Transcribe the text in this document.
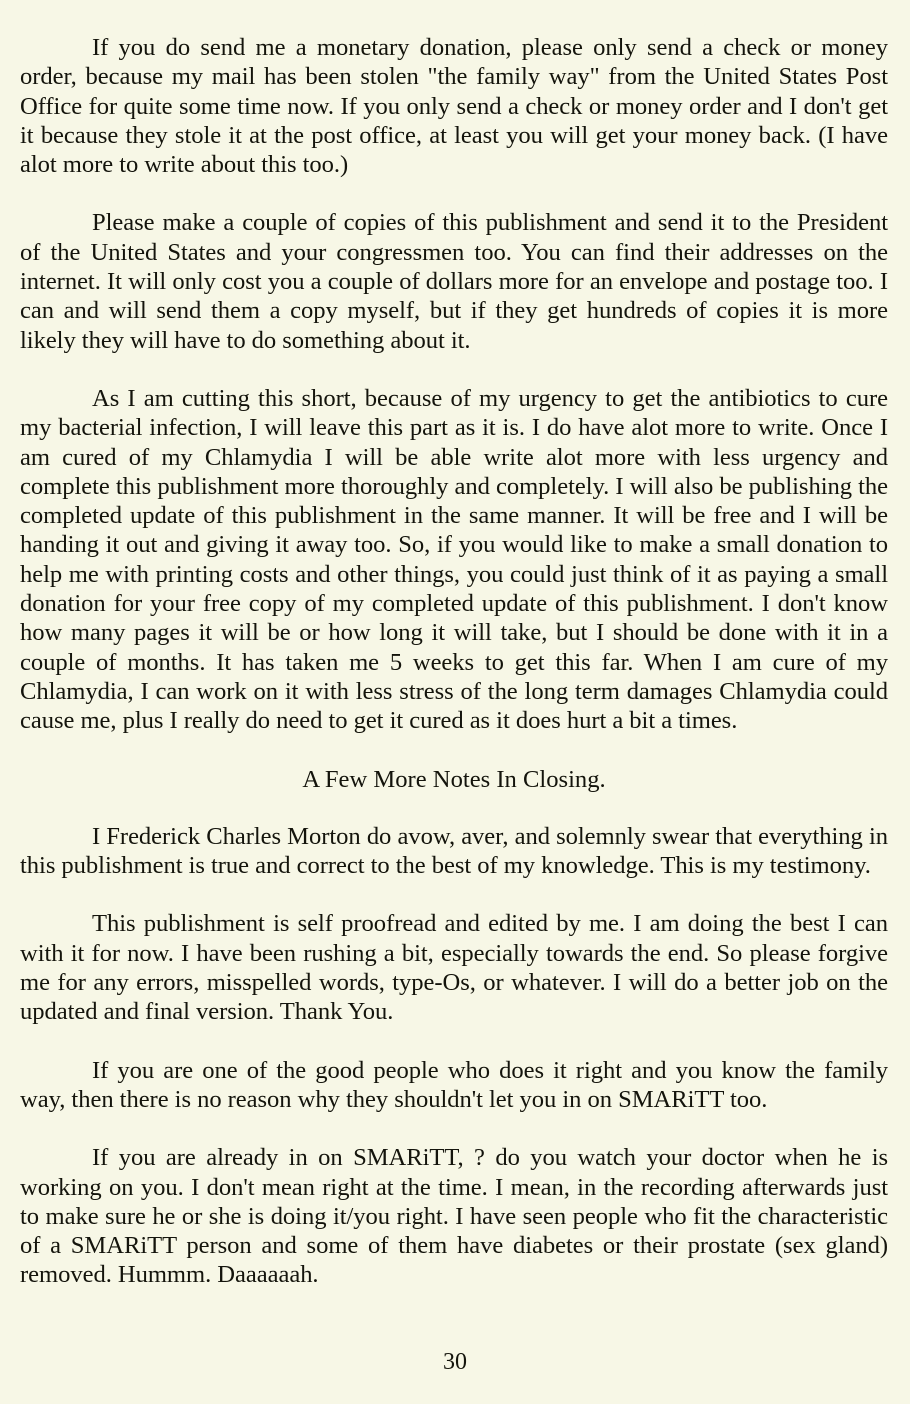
If you do send me a monetary donation, please only send a check or money order, because my mail has been stolen "the family way" from the United States Post Office for quite some time now. If you only send a check or money order and I don't get it because they stole it at the post office, at least you will get your money back. (I have alot more to write about this too.)

Please make a couple of copies of this publishment and send it to the President of the United States and your congressmen too. You can find their addresses on the internet. It will only cost you a couple of dollars more for an envelope and postage too. I can and will send them a copy myself, but if they get hundreds of copies it is more likely they will have to do something about it.

As I am cutting this short, because of my urgency to get the antibiotics to cure my bacterial infection, I will leave this part as it is. I do have alot more to write. Once I am cured of my Chlamydia I will be able write alot more with less urgency and complete this publishment more thoroughly and completely. I will also be publishing the completed update of this publishment in the same manner. It will be free and I will be handing it out and giving it away too. So, if you would like to make a small donation to help me with printing costs and other things, you could just think of it as paying a small donation for your free copy of my completed update of this publishment. I don't know how many pages it will be or how long it will take, but I should be done with it in a couple of months. It has taken me 5 weeks to get this far. When I am cure of my Chlamydia, I can work on it with less stress of the long term damages Chlamydia could cause me, plus I really do need to get it cured as it does hurt a bit a times.

A Few More Notes In Closing.

I Frederick Charles Morton do avow, aver, and solemnly swear that everything in this publishment is true and correct to the best of my knowledge. This is my testimony.

This publishment is self proofread and edited by me. I am doing the best I can with it for now. I have been rushing a bit, especially towards the end. So please forgive me for any errors, misspelled words, type-Os, or whatever. I will do a better job on the updated and final version. Thank You.

If you are one of the good people who does it right and you know the family way, then there is no reason why they shouldn't let you in on SMARiTT too.

If you are already in on SMARiTT, ? do you watch your doctor when he is working on you. I don't mean right at the time. I mean, in the recording afterwards just to make sure he or she is doing it/you right. I have seen people who fit the characteristic of a SMARiTT person and some of them have diabetes or their prostate (sex gland) removed. Hummm. Daaaaaah.

30
